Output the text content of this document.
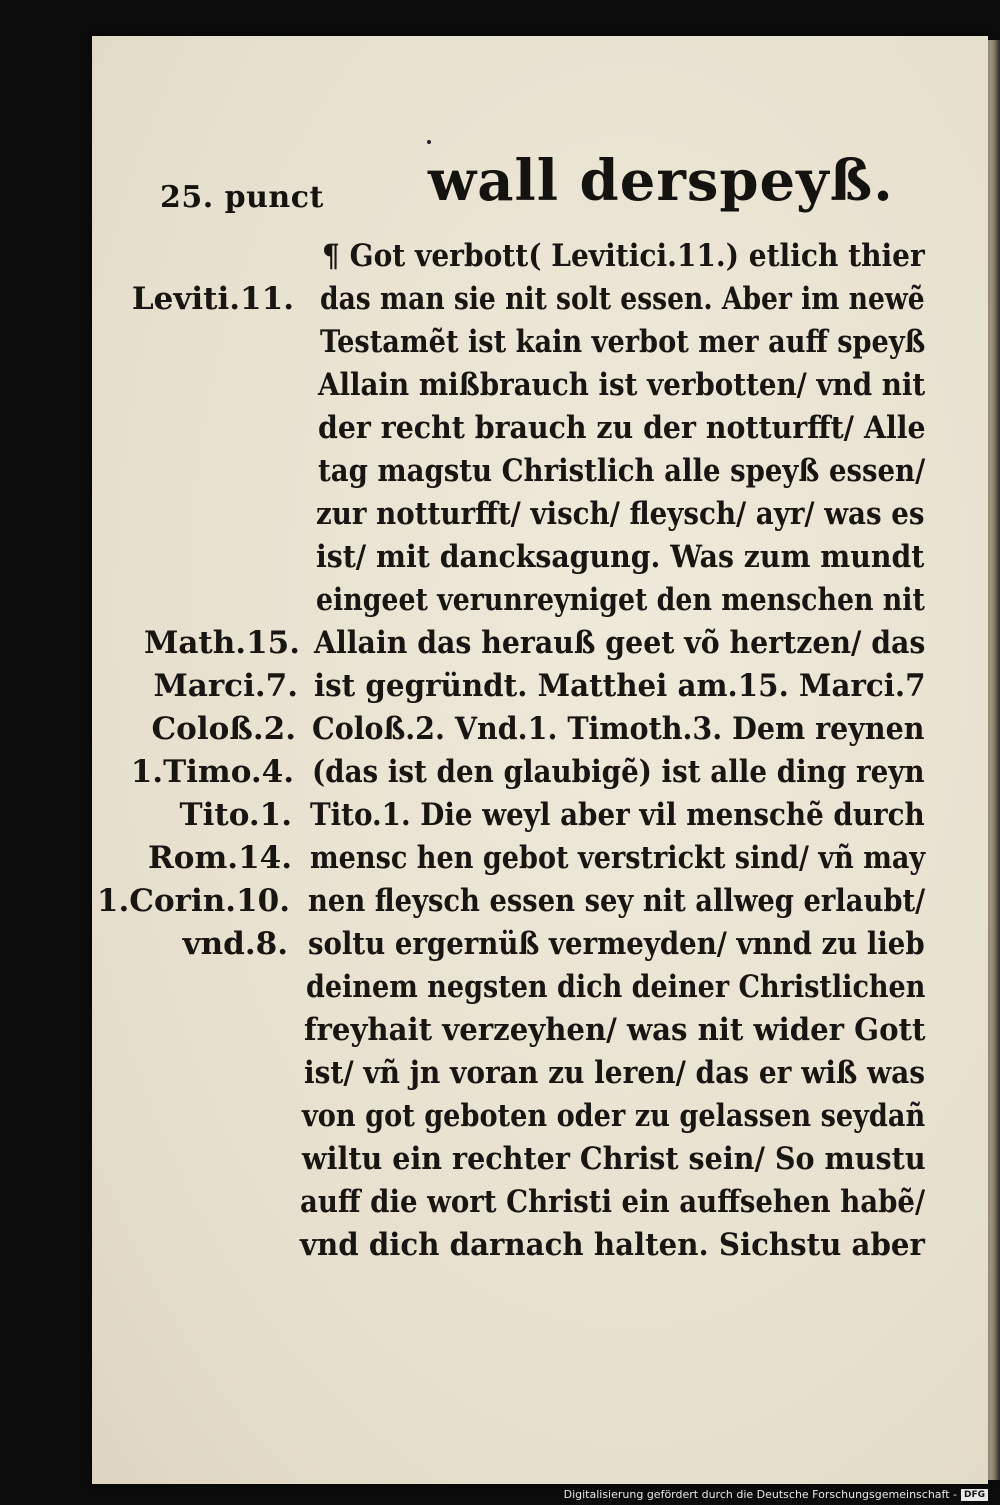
25. punct wall derspeyß.
¶ Got verbott( Levitici.11.) etlich thier
das man sie nit solt essen. Aber im newẽ
Testamẽt ist kain verbot mer auff speyß
Allain mißbrauch ist verbotten/ vnd nit
der recht brauch zu der notturfft/ Alle
tag magstu Christlich alle speyß essen/
zur notturfft/ visch/ fleysch/ ayr/ was es
ist/ mit dancksagung. Was zum mundt
eingeet verunreyniget den menschen nit
Allain das herauß geet võ hertzen/ das
ist gegründt. Matthei am.15. Marci.7
Coloß.2. Vnd.1. Timoth.3. Dem reynen
(das ist den glaubigẽ) ist alle ding reyn
Tito.1. Die weyl aber vil menschẽ durch
mensc hen gebot verstrickt sind/ vñ may
nen fleysch essen sey nit allweg erlaubt/
soltu ergernüß vermeyden/ vnnd zu lieb
deinem negsten dich deiner Christlichen
freyhait verzeyhen/ was nit wider Gott
ist/ vñ jn voran zu leren/ das er wiß was
von got geboten oder zu gelassen seydañ
wiltu ein rechter Christ sein/ So mustu
auff die wort Christi ein auffsehen habẽ/
vnd dich darnach halten. Sichstu aber
Leviti.11.
Math.15.
Marci.7.
Coloß.2.
1.Timo.4.
Tito.1.
Rom.14.
1.Corin.10.
vnd.8.
Digitalisierung gefördert durch die Deutsche Forschungsgemeinschaft - DFG
